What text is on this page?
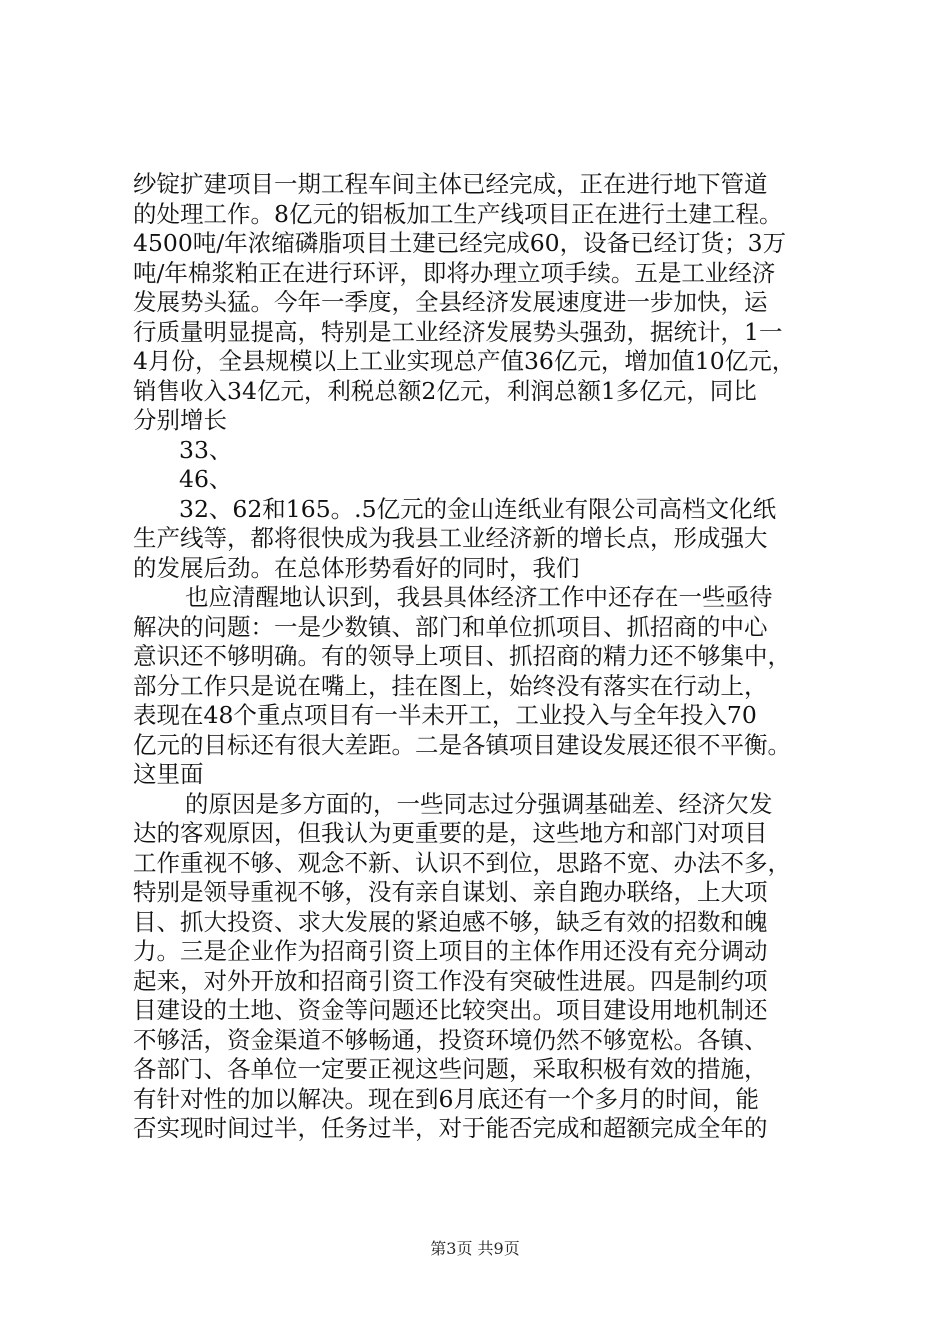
纱锭扩建项目一期工程车间主体已经完成，正在进行地下管道
的处理工作。8亿元的铝板加工生产线项目正在进行土建工程。
4500吨/年浓缩磷脂项目土建已经完成60，设备已经订货；3万
吨/年棉浆粕正在进行环评，即将办理立项手续。五是工业经济
发展势头猛。今年一季度，全县经济发展速度进一步加快，运
行质量明显提高，特别是工业经济发展势头强劲，据统计，1一
4月份，全县规模以上工业实现总产值36亿元，增加值10亿元，
销售收入34亿元，利税总额2亿元，利润总额1多亿元，同比
分别增长
33、
46、
32、62和165。.5亿元的金山连纸业有限公司高档文化纸
生产线等，都将很快成为我县工业经济新的增长点，形成强大
的发展后劲。在总体形势看好的同时，我们
也应清醒地认识到，我县具体经济工作中还存在一些亟待
解决的问题：一是少数镇、部门和单位抓项目、抓招商的中心
意识还不够明确。有的领导上项目、抓招商的精力还不够集中，
部分工作只是说在嘴上，挂在图上，始终没有落实在行动上，
表现在48个重点项目有一半未开工，工业投入与全年投入70
亿元的目标还有很大差距。二是各镇项目建设发展还很不平衡。
这里面
的原因是多方面的，一些同志过分强调基础差、经济欠发
达的客观原因，但我认为更重要的是，这些地方和部门对项目
工作重视不够、观念不新、认识不到位，思路不宽、办法不多，
特别是领导重视不够，没有亲自谋划、亲自跑办联络，上大项
目、抓大投资、求大发展的紧迫感不够，缺乏有效的招数和魄
力。三是企业作为招商引资上项目的主体作用还没有充分调动
起来，对外开放和招商引资工作没有突破性进展。四是制约项
目建设的土地、资金等问题还比较突出。项目建设用地机制还
不够活，资金渠道不够畅通，投资环境仍然不够宽松。各镇、
各部门、各单位一定要正视这些问题，采取积极有效的措施，
有针对性的加以解决。现在到6月底还有一个多月的时间，能
否实现时间过半，任务过半，对于能否完成和超额完成全年的
第3页 共9页
